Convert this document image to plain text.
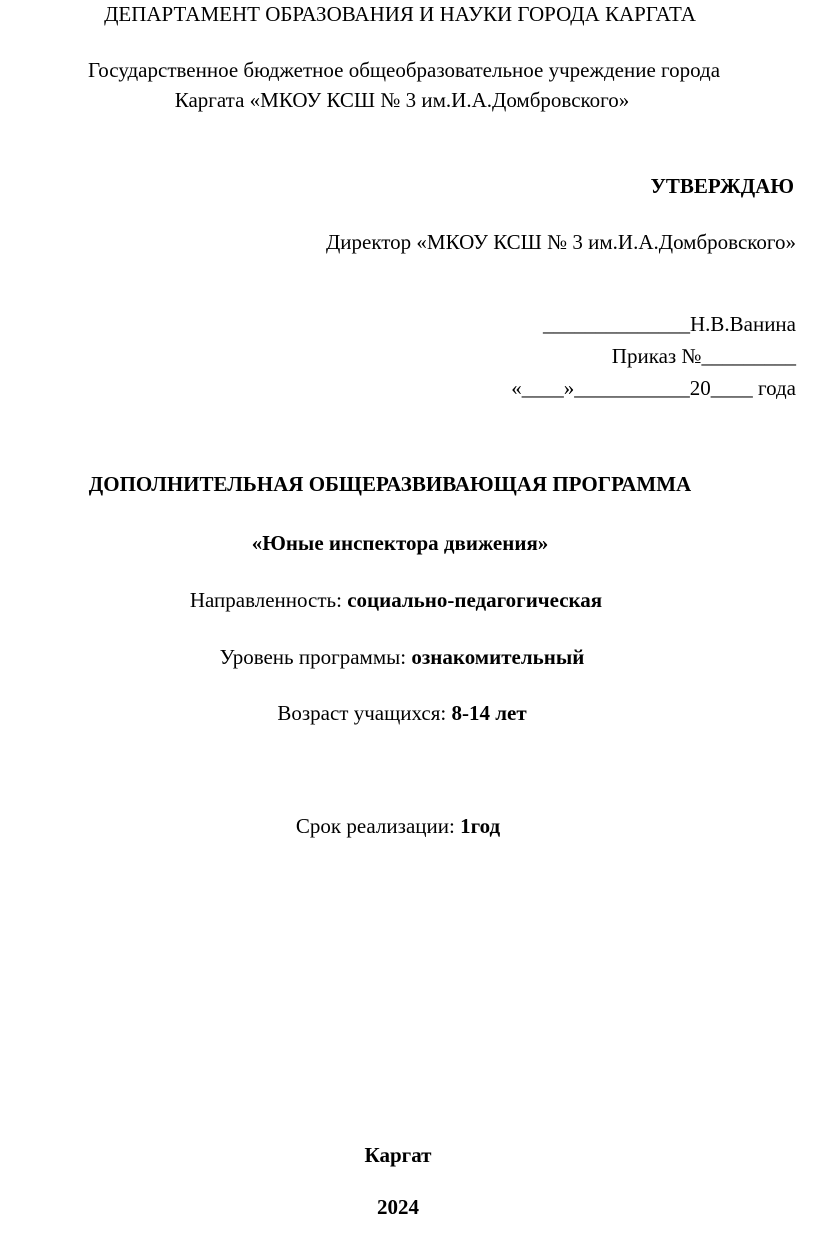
ДЕПАРТАМЕНТ ОБРАЗОВАНИЯ И НАУКИ ГОРОДА КАРГАТА
Государственное бюджетное общеобразовательное учреждение города
Каргата «МКОУ КСШ № 3 им.И.А.Домбровского»
УТВЕРЖДАЮ
Директор «МКОУ КСШ № 3 им.И.А.Домбровского»
______________Н.В.Ванина
Приказ №_________
«____»___________20____ года
ДОПОЛНИТЕЛЬНАЯ ОБЩЕРАЗВИВАЮЩАЯ ПРОГРАММА
«Юные инспектора движения»
Направленность: социально-педагогическая
Уровень программы: ознакомительный
Возраст учащихся: 8-14 лет
Срок реализации: 1год
Каргат
2024
